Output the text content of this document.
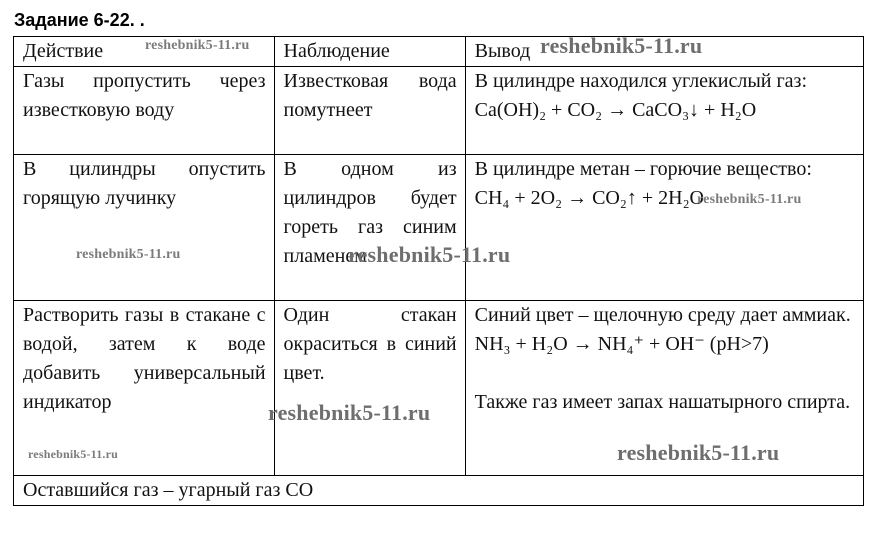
Задание 6-22. .
Действие	Наблюдение	Вывод
Газы пропустить через известковую воду	Известковая вода помутнеет	В цилиндре находился углекислый газ:
Ca(OH)₂ + CO₂ → CaCO₃↓ + H₂O

В цилиндры опустить горящую лучинку	В одном из цилиндров будет гореть газ синим пламенем	В цилиндре метан – горючие вещество:
CH₄ + 2O₂ → CO₂↑ + 2H₂O

Растворить газы в стакане с водой, затем к воде добавить универсальный индикатор	Один стакан окраситься в синий цвет.	Синий цвет – щелочную среду дает аммиак.
NH₃ + H₂O → NH₄⁺ + OH⁻ (pH>7)
Также газ имеет запах нашатырного спирта.

Оставшийся газ – угарный газ CO		
reshebnik5-11.ru	reshebnik5-11.ru
reshebnik5-11.ru
reshebnik5-11.ru	reshebnik5-11.ru
reshebnik5-11.ru
reshebnik5-11.ru	reshebnik5-11.ru
